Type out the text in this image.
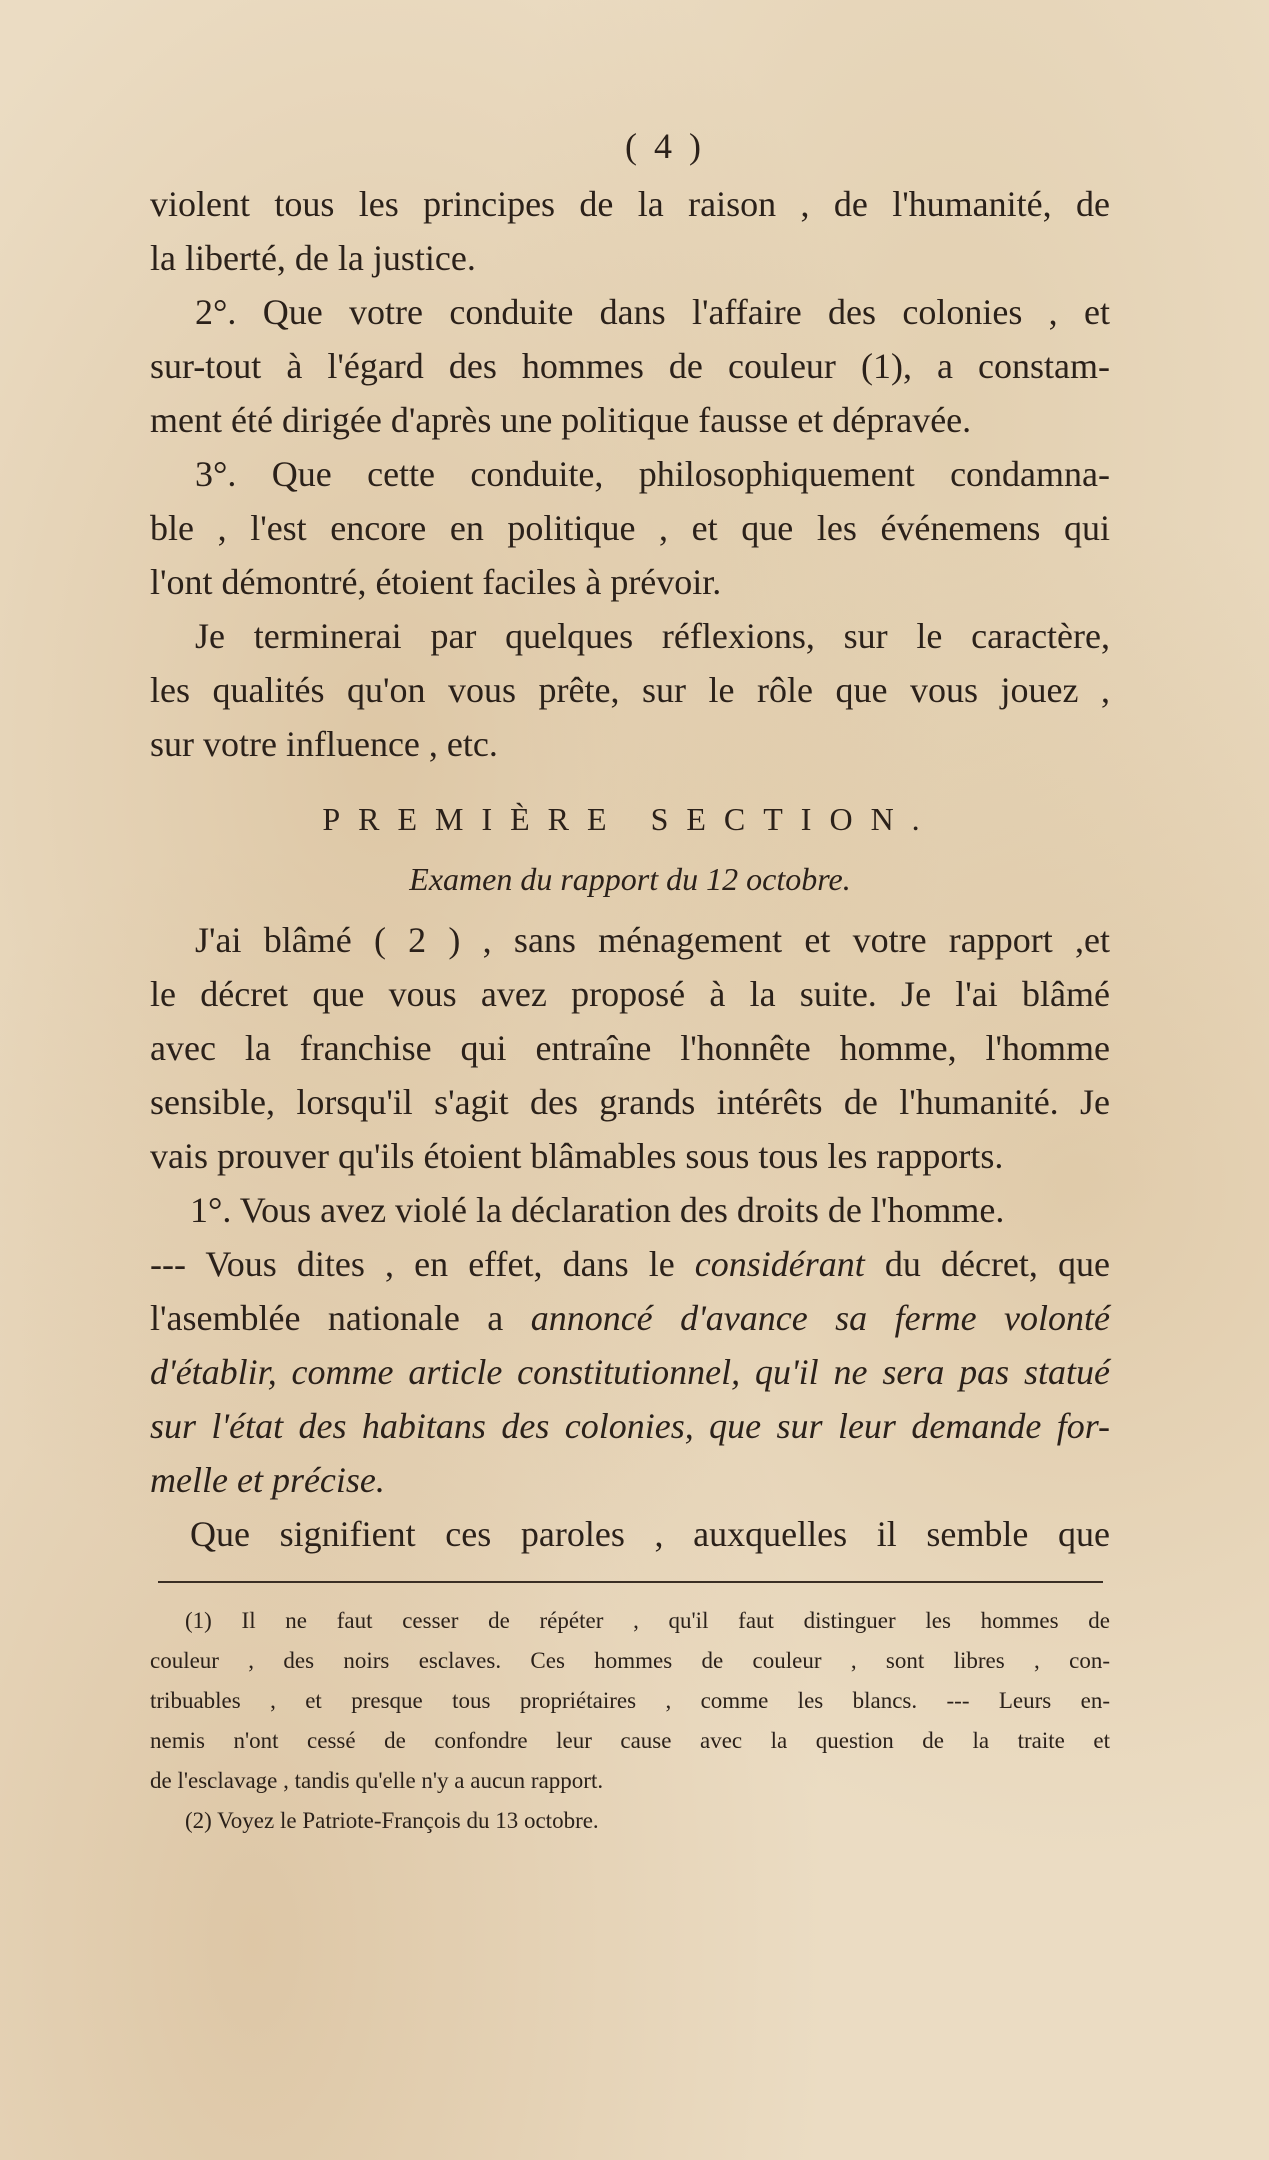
( 4 )
violent tous les principes de la raison , de l'humanité, de
la liberté, de la justice.
2°. Que votre conduite dans l'affaire des colonies , et
sur-tout à l'égard des hommes de couleur (1), a constam-
ment été dirigée d'après une politique fausse et dépravée.
3°. Que cette conduite, philosophiquement condamna-
ble , l'est encore en politique , et que les événemens qui
l'ont démontré, étoient faciles à prévoir.
Je terminerai par quelques réflexions, sur le caractère,
les qualités qu'on vous prête, sur le rôle que vous jouez ,
sur votre influence , etc.
PREMIÈRE SECTION.
Examen du rapport du 12 octobre.
J'ai blâmé ( 2 ) , sans ménagement et votre rapport ,et
le décret que vous avez proposé à la suite. Je l'ai blâmé
avec la franchise qui entraîne l'honnête homme, l'homme
sensible, lorsqu'il s'agit des grands intérêts de l'humanité. Je
vais prouver qu'ils étoient blâmables sous tous les rapports.
1°. Vous avez violé la déclaration des droits de l'homme.
--- Vous dites , en effet, dans le considérant du décret, que
l'asemblée nationale a annoncé d'avance sa ferme volonté
d'établir, comme article constitutionnel, qu'il ne sera pas statué
sur l'état des habitans des colonies, que sur leur demande for-
melle et précise.
Que signifient ces paroles , auxquelles il semble que
(1) Il ne faut cesser de répéter , qu'il faut distinguer les hommes de
couleur , des noirs esclaves. Ces hommes de couleur , sont libres , con-
tribuables , et presque tous propriétaires , comme les blancs. --- Leurs en-
nemis n'ont cessé de confondre leur cause avec la question de la traite et
de l'esclavage , tandis qu'elle n'y a aucun rapport.
(2) Voyez le Patriote-François du 13 octobre.
